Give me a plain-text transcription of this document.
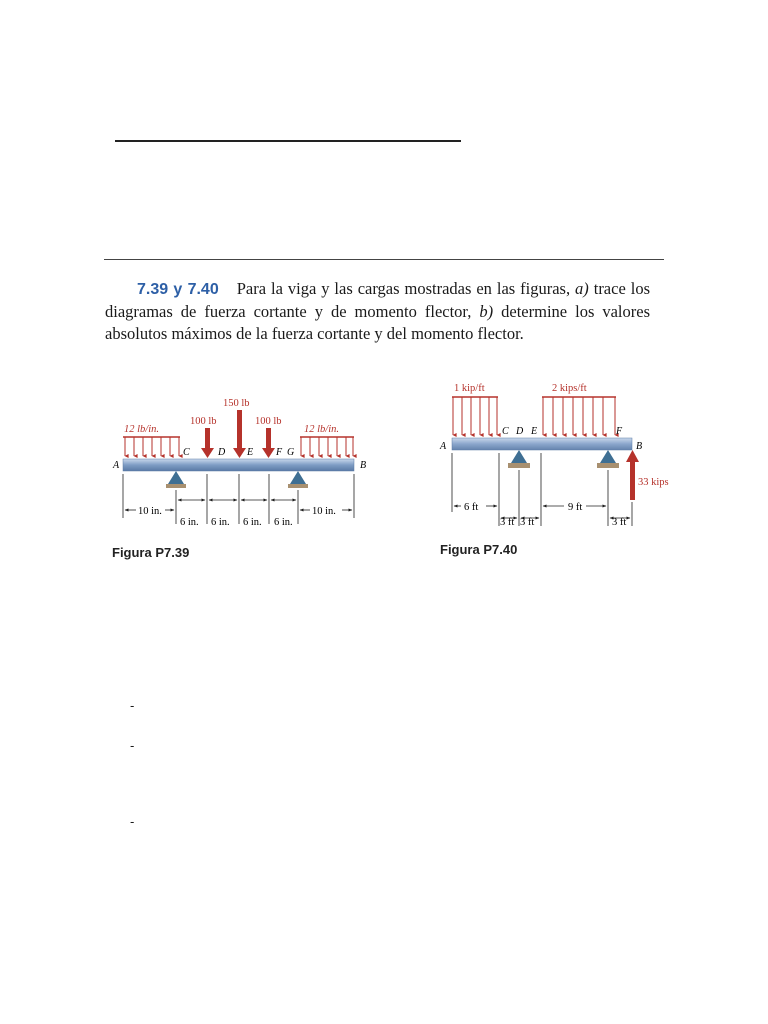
7.39 y 7.40 Para la viga y las cargas mostradas en las figuras, a) trace los diagramas de fuerza cortante y de momento flector, b) determine los valores absolutos máximos de la fuerza cortante y del momento flector.
12 lb/in.	12 lb/in.
100 lb
150 lb
100 lb
A	B
C	D E F G
10 in.	10 in.
6 in. 6 in. 6 in. 6 in.
Figura P7.39
1 kip/ft	2 kips/ft
33 kips
A	B
C D E	F
6 ft	9 ft
3 ft 3 ft	3 ft
Figura P7.40
-
-
-
